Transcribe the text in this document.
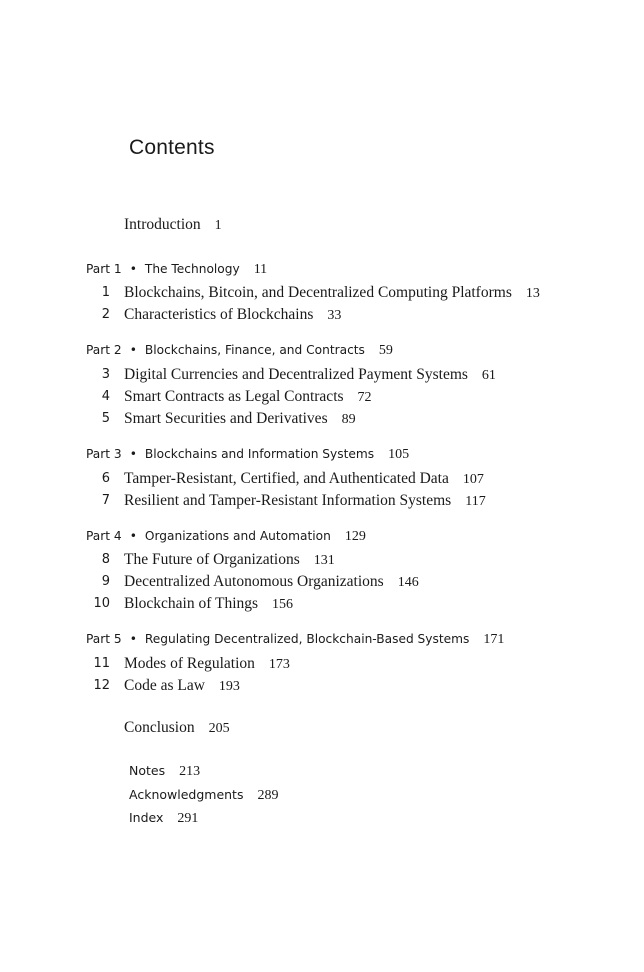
Contents
Introduction 1
Part 1 • The Technology 11
1 Blockchains, Bitcoin, and Decentralized Computing Platforms 13
2 Characteristics of Blockchains 33
Part 2 • Blockchains, Finance, and Contracts 59
3 Digital Currencies and Decentralized Payment Systems 61
4 Smart Contracts as Legal Contracts 72
5 Smart Securities and Derivatives 89
Part 3 • Blockchains and Information Systems 105
6 Tamper-Resistant, Certified, and Authenticated Data 107
7 Resilient and Tamper-Resistant Information Systems 117
Part 4 • Organizations and Automation 129
8 The Future of Organizations 131
9 Decentralized Autonomous Organizations 146
10 Blockchain of Things 156
Part 5 • Regulating Decentralized, Blockchain-Based Systems 171
11 Modes of Regulation 173
12 Code as Law 193
Conclusion 205
Notes 213
Acknowledgments 289
Index 291
